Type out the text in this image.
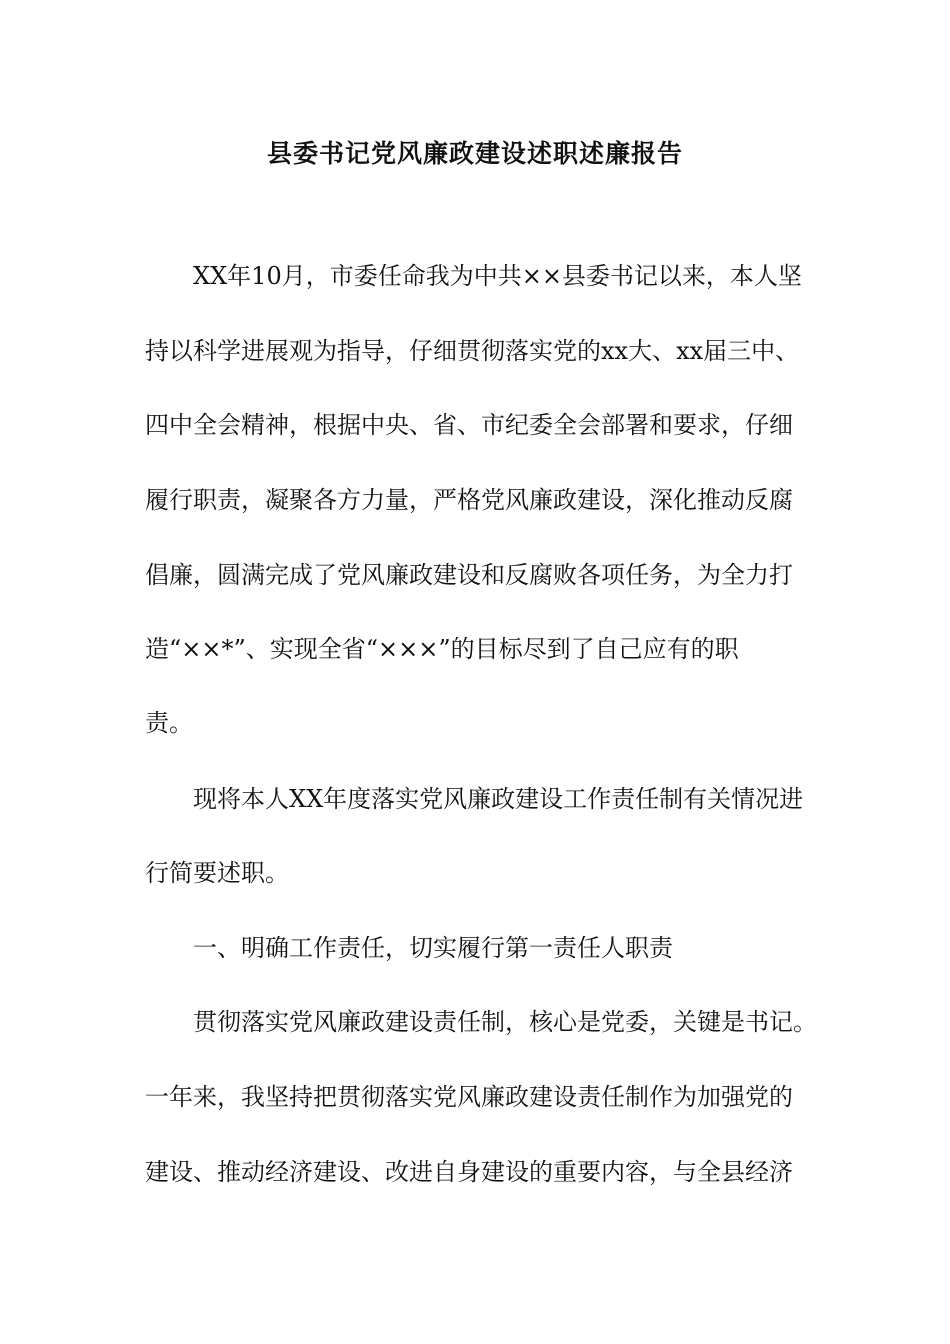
县委书记党风廉政建设述职述廉报告
XX年10月，市委任命我为中共××县委书记以来，本人坚
持以科学进展观为指导，仔细贯彻落实党的xx大、xx届三中、
四中全会精神，根据中央、省、市纪委全会部署和要求，仔细
履行职责，凝聚各方力量，严格党风廉政建设，深化推动反腐
倡廉，圆满完成了党风廉政建设和反腐败各项任务，为全力打
造“××*”、实现全省“×××”的目标尽到了自己应有的职
责。
现将本人XX年度落实党风廉政建设工作责任制有关情况进
行简要述职。
一、明确工作责任，切实履行第一责任人职责
贯彻落实党风廉政建设责任制，核心是党委，关键是书记。
一年来，我坚持把贯彻落实党风廉政建设责任制作为加强党的
建设、推动经济建设、改进自身建设的重要内容，与全县经济
